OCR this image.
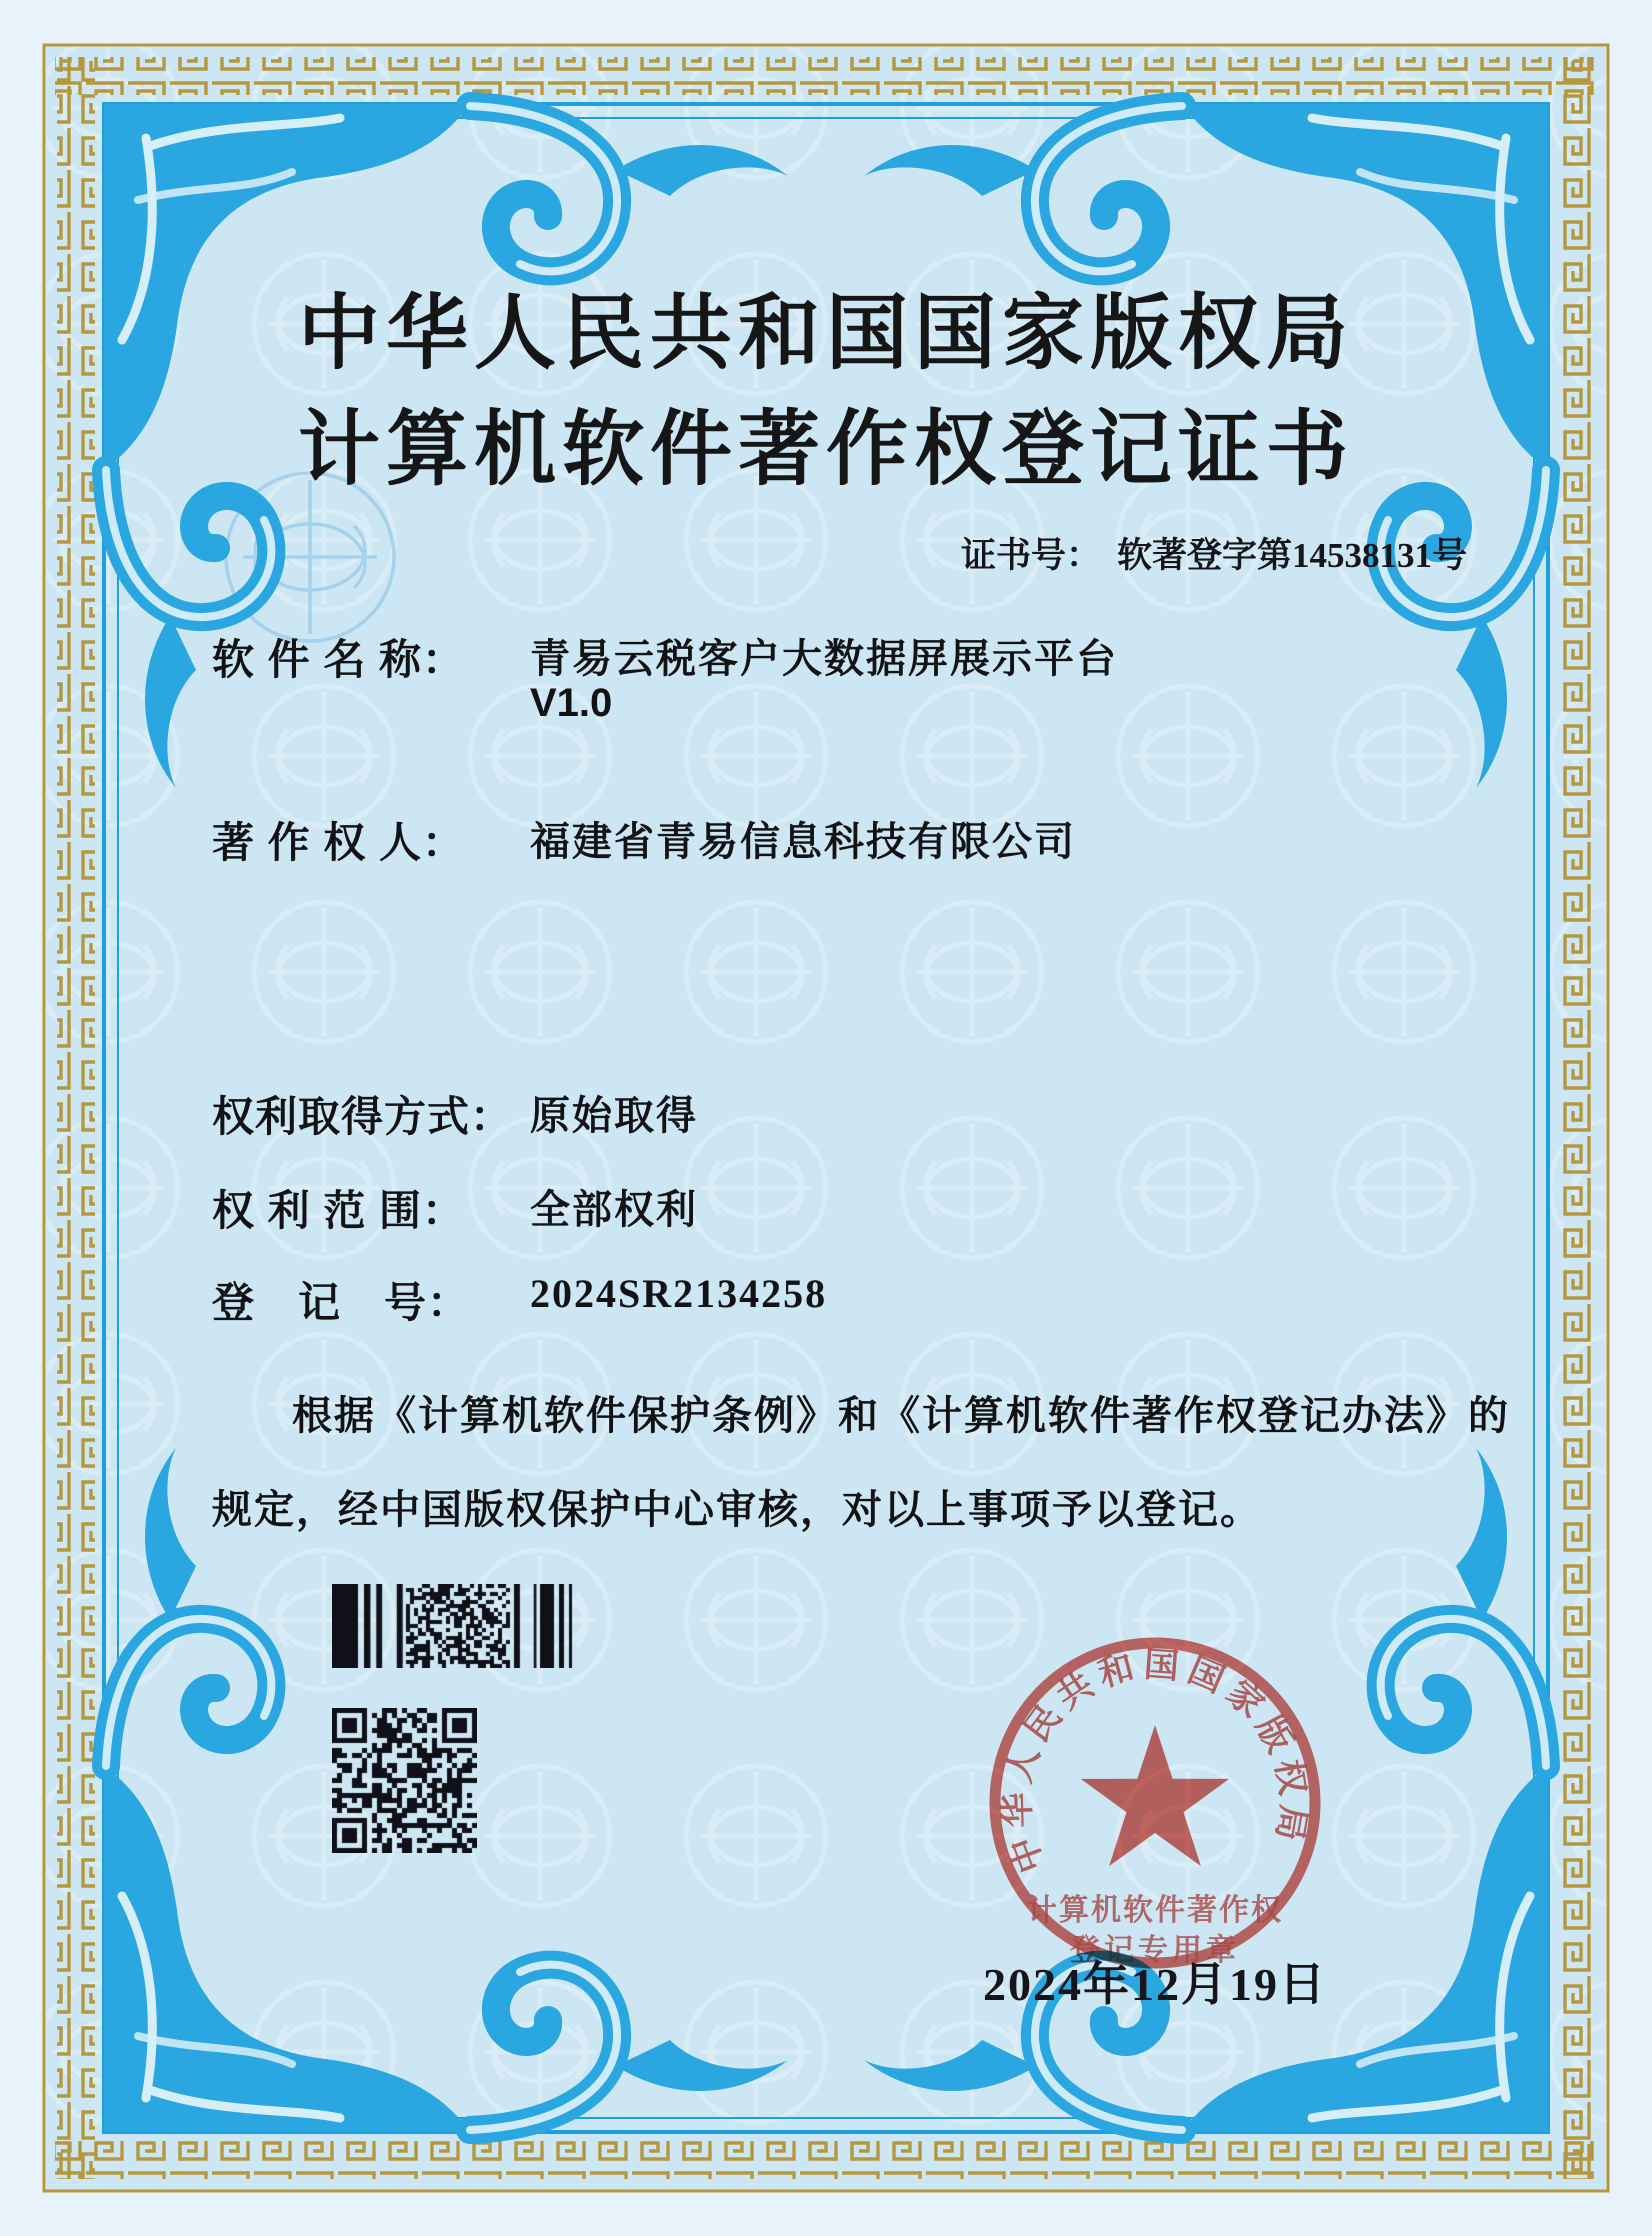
中华人民共和国国家版权局
计算机软件著作权登记证书
证书号： 软著登字第14538131号
软 件 名 称：	青易云税客户大数据屏展示平台
V1.0
著 作 权 人：	福建省青易信息科技有限公司
权利取得方式： 原始取得
权 利 范 围：	全部权利
登　记　号：	2024SR2134258
根据《计算机软件保护条例》和《计算机软件著作权登记办法》的
规定，经中国版权保护中心审核，对以上事项予以登记。
中华人民共和国国家版权局
计算机软件著作权
登记专用章
2024年12月19日
